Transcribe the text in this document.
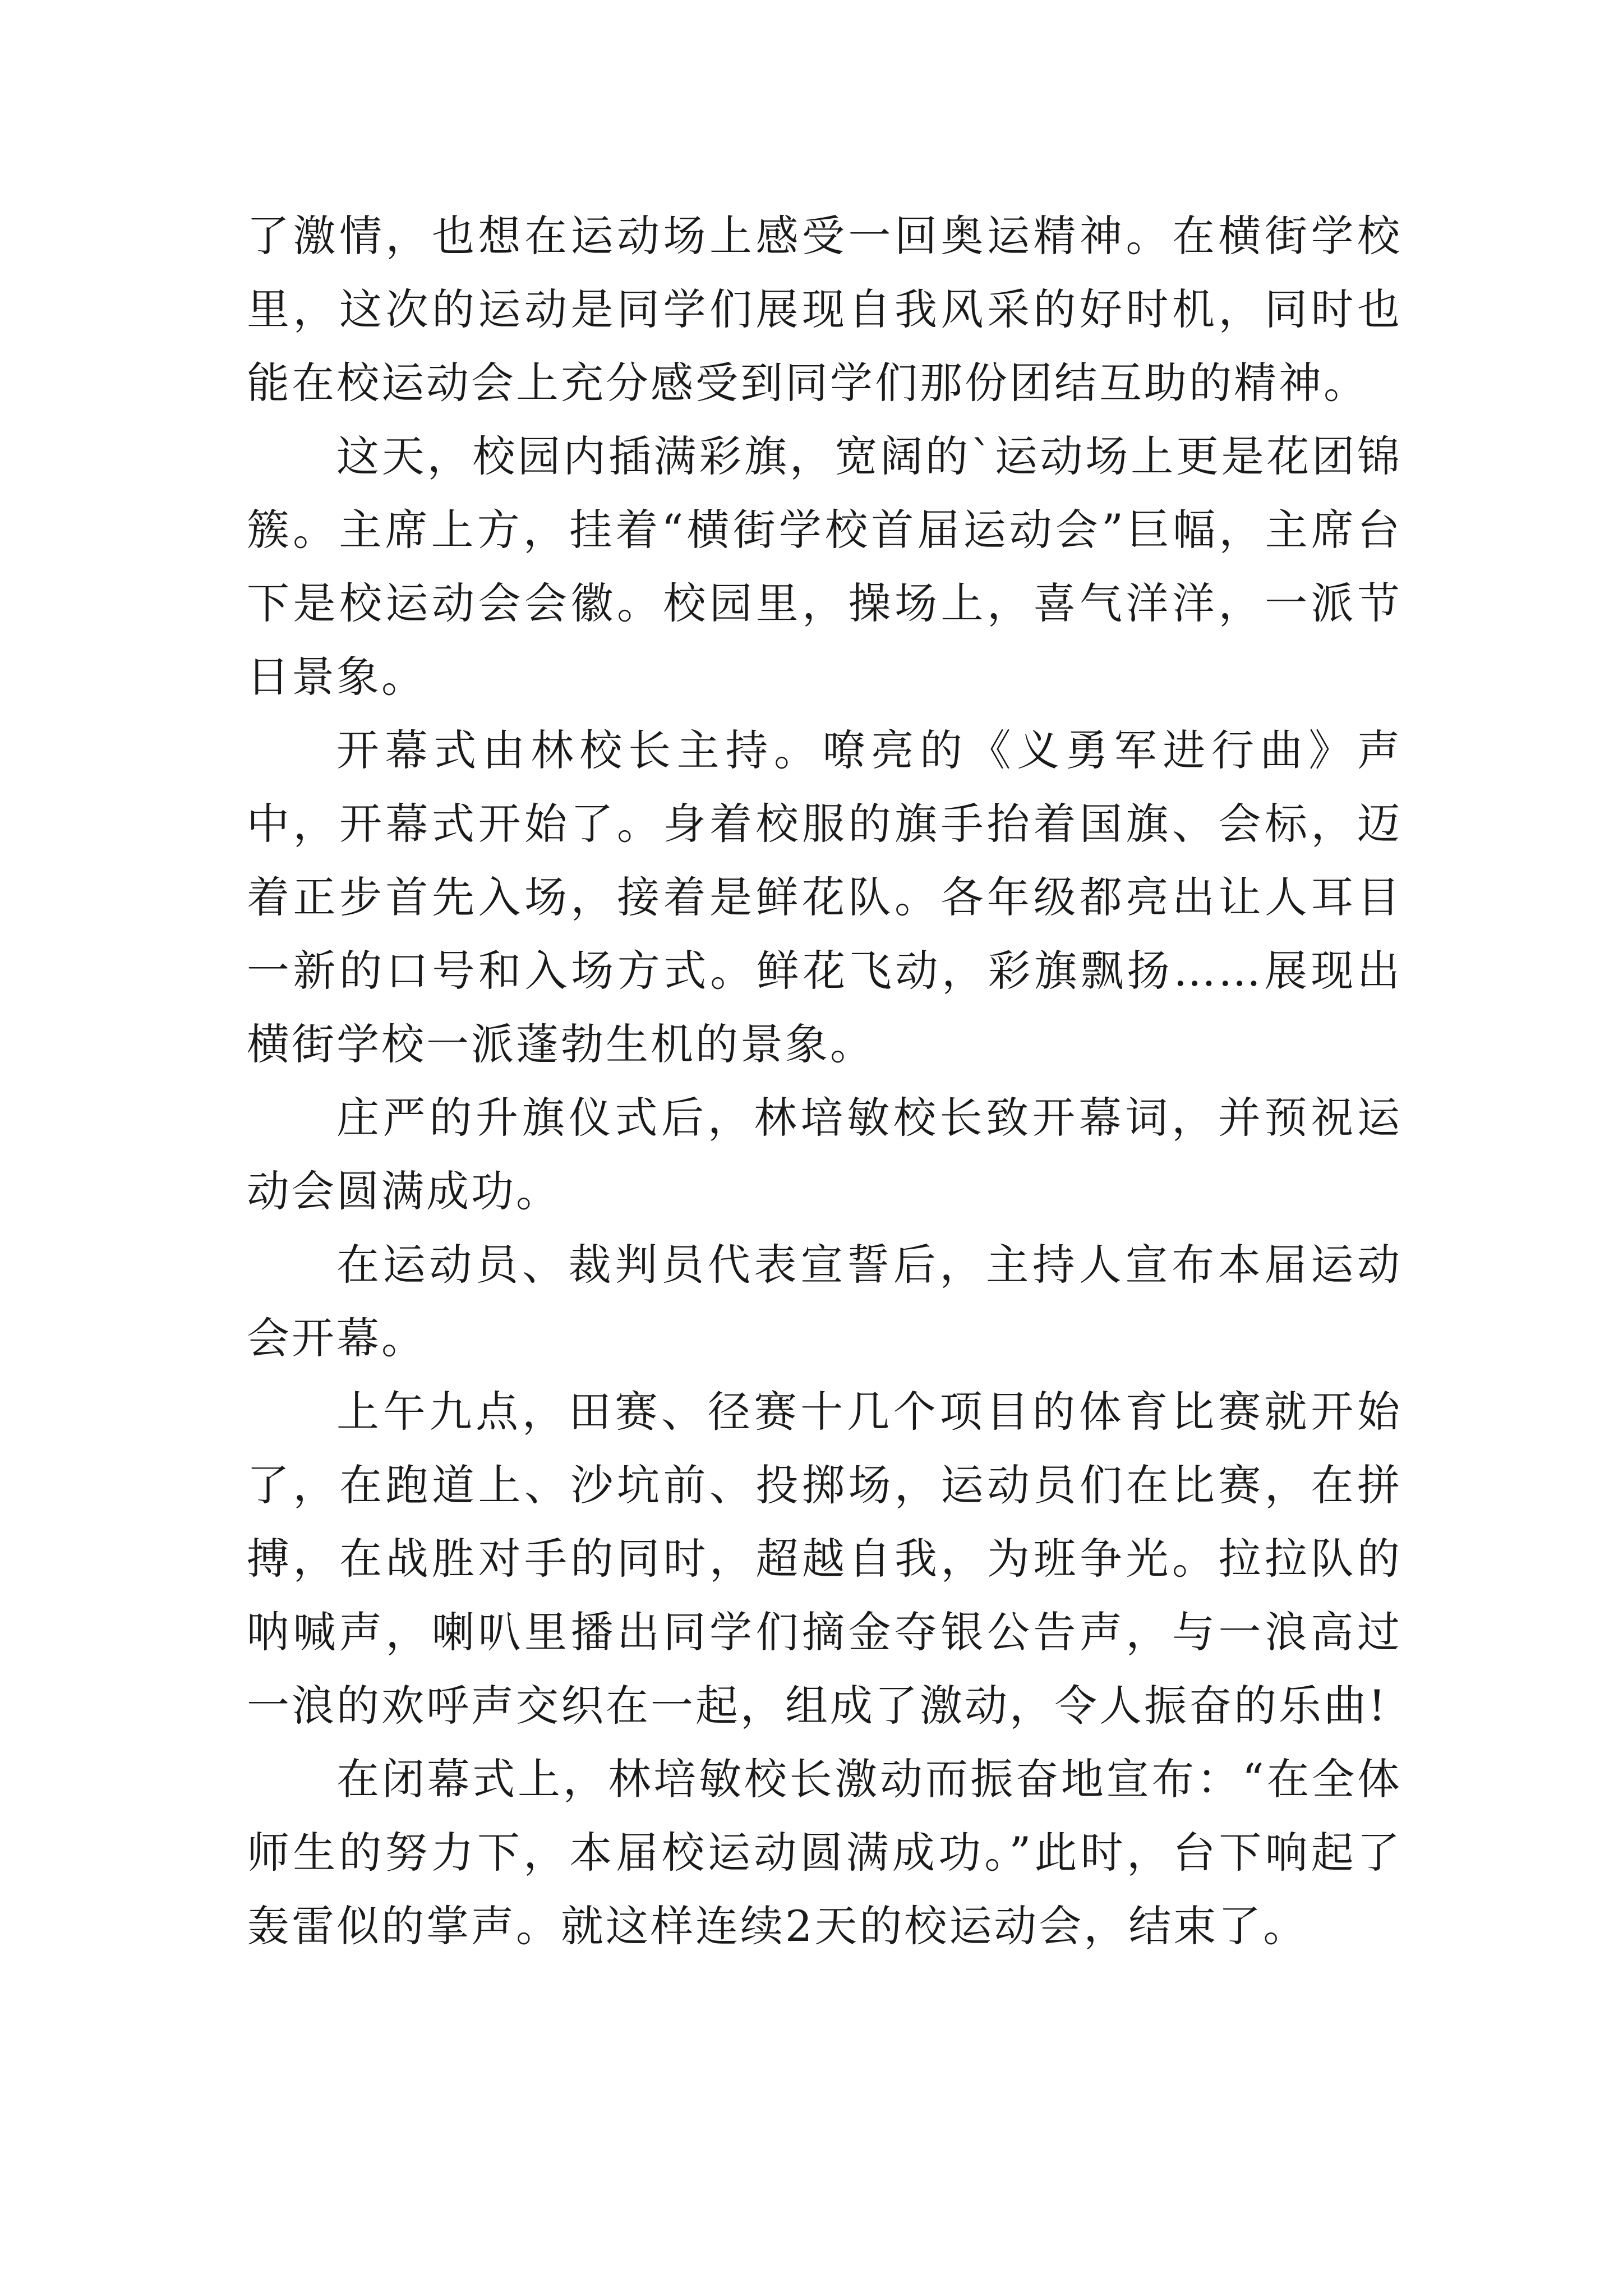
了激情，也想在运动场上感受一回奥运精神。在横街学校里，这次的运动是同学们展现自我风采的好时机，同时也能在校运动会上充分感受到同学们那份团结互助的精神。

这天，校园内插满彩旗，宽阔的`运动场上更是花团锦簇。主席上方，挂着“横街学校首届运动会”巨幅，主席台下是校运动会会徽。校园里，操场上，喜气洋洋，一派节日景象。

开幕式由林校长主持。嘹亮的《义勇军进行曲》声中，开幕式开始了。身着校服的旗手抬着国旗、会标，迈着正步首先入场，接着是鲜花队。各年级都亮出让人耳目一新的口号和入场方式。鲜花飞动，彩旗飘扬……展现出横街学校一派蓬勃生机的景象。

庄严的升旗仪式后，林培敏校长致开幕词，并预祝运动会圆满成功。

在运动员、裁判员代表宣誓后，主持人宣布本届运动会开幕。

上午九点，田赛、径赛十几个项目的体育比赛就开始了，在跑道上、沙坑前、投掷场，运动员们在比赛，在拼搏，在战胜对手的同时，超越自我，为班争光。拉拉队的呐喊声，喇叭里播出同学们摘金夺银公告声，与一浪高过一浪的欢呼声交织在一起，组成了激动，令人振奋的乐曲!

在闭幕式上，林培敏校长激动而振奋地宣布：“在全体师生的努力下，本届校运动圆满成功。”此时，台下响起了轰雷似的掌声。就这样连续2天的校运动会，结束了。
